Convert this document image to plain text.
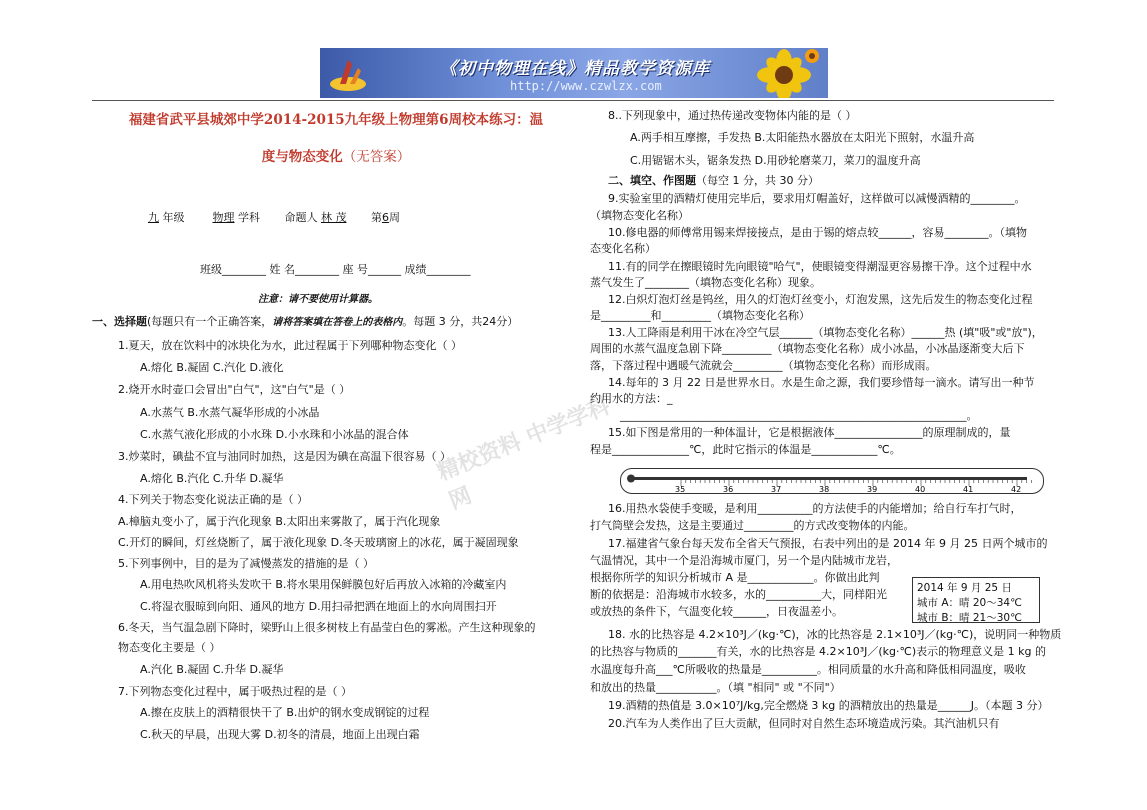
《初中物理在线》精品教学资源库
http://www.czwlzx.com
福建省武平县城郊中学2014-2015九年级上物理第6周校本练习：温
度与物态变化（无答案）
九 年级	物理 学科 命题人 林 茂 第6周
班级________ 姓 名________ 座 号______ 成绩________
注意：请不要使用计算器。
一、选择题(每题只有一个正确答案，请将答案填在答卷上的表格内。每题 3 分，共24分）
1.夏天，放在饮料中的冰块化为水，此过程属于下列哪种物态变化（ ）
A.熔化 B.凝固 C.汽化 D.液化
2.烧开水时壶口会冒出"白气"，这"白气"是（ ）
A.水蒸气 B.水蒸气凝华形成的小冰晶
C.水蒸气液化形成的小水珠 D.小水珠和小冰晶的混合体
3.炒菜时，碘盐不宜与油同时加热，这是因为碘在高温下很容易（ ）
A.熔化 B.汽化 C.升华 D.凝华
4.下列关于物态变化说法正确的是（ ）
A.樟脑丸变小了，属于汽化现象 B.太阳出来雾散了，属于汽化现象
C.开灯的瞬间，灯丝烧断了，属于液化现象 D.冬天玻璃窗上的冰花，属于凝固现象
5.下列事例中，目的是为了减慢蒸发的措施的是（ ）
A.用电热吹风机将头发吹干 B.将水果用保鲜膜包好后再放入冰箱的冷藏室内
C.将湿衣服晾到向阳、通风的地方 D.用扫帚把洒在地面上的水向周围扫开
6.冬天，当气温急剧下降时，梁野山上很多树枝上有晶莹白色的雾凇。产生这种现象的
物态变化主要是（ ）
A.汽化 B.凝固 C.升华 D.凝华
7.下列物态变化过程中，属于吸热过程的是（ ）
A.擦在皮肤上的酒精很快干了 B.出炉的钢水变成钢锭的过程
C.秋天的早晨，出现大雾 D.初冬的清晨，地面上出现白霜
精校资料 中学学科网
8..下列现象中，通过热传递改变物体内能的是（ ）
A.两手相互摩擦，手发热 B.太阳能热水器放在太阳光下照射，水温升高
C.用锯锯木头，锯条发热 D.用砂轮磨菜刀，菜刀的温度升高
二、填空、作图题（每空 1 分，共 30 分）
9.实验室里的酒精灯使用完毕后，要求用灯帽盖好，这样做可以减慢酒精的________。
（填物态变化名称）
10.修电器的师傅常用锡来焊接接点，是由于锡的熔点较______，容易________。（填物
态变化名称）
11.有的同学在擦眼镜时先向眼镜"哈气"，使眼镜变得潮湿更容易擦干净。这个过程中水
蒸气发生了________（填物态变化名称）现象。
12.白炽灯泡灯丝是钨丝，用久的灯泡灯丝变小，灯泡发黑，这先后发生的物态变化过程
是_________和_________（填物态变化名称）
13.人工降雨是利用干冰在冷空气层______（填物态变化名称）______热 (填"吸"或"放")，
周围的水蒸气温度急剧下降_________（填物态变化名称）成小冰晶，小冰晶逐渐变大后下
落，下落过程中遇暖气流就会_________（填物态变化名称）而形成雨。
14.每年的 3 月 22 日是世界水日。水是生命之源，我们要珍惜每一滴水。请写出一种节
约用水的方法：_
_______________________________________________________________。
15.如下图是常用的一种体温计，它是根据液体________________的原理制成的，量
程是______________℃，此时它指示的体温是____________℃。
35	36	37	38	39	40	41	42
16.用热水袋使手变暖，是利用__________的方法使手的内能增加；给自行车打气时，
打气筒壁会发热，这是主要通过_________的方式改变物体的内能。
17.福建省气象台每天发布全省天气预报，右表中列出的是 2014 年 9 月 25 日两个城市的
气温情况，其中一个是沿海城市厦门，另一个是内陆城市龙岩，
根据你所学的知识分析城市 A 是____________。你做出此判
断的依据是：沿海城市水较多，水的__________大，同样阳光
或放热的条件下，气温变化较______，日夜温差小。
2014 年 9 月 25 日
城市 A：晴 20～34℃
城市 B：晴 21～30℃
18. 水的比热容是 4.2×10³J／(kg·℃)，冰的比热容是 2.1×10³J／(kg·℃)，说明同一种物质
的比热容与物质的_______有关，水的比热容是 4.2×10³J／(kg·℃)表示的物理意义是 1 kg 的
水温度每升高___℃所吸收的热量是__________。相同质量的水升高和降低相同温度，吸收
和放出的热量___________。（填 "相同" 或 "不同"）
19.酒精的热值是 3.0×10⁷J/kg,完全燃烧 3 kg 的酒精放出的热量是______J。（本题 3 分）
20.汽车为人类作出了巨大贡献，但同时对自然生态环境造成污染。其汽油机只有
